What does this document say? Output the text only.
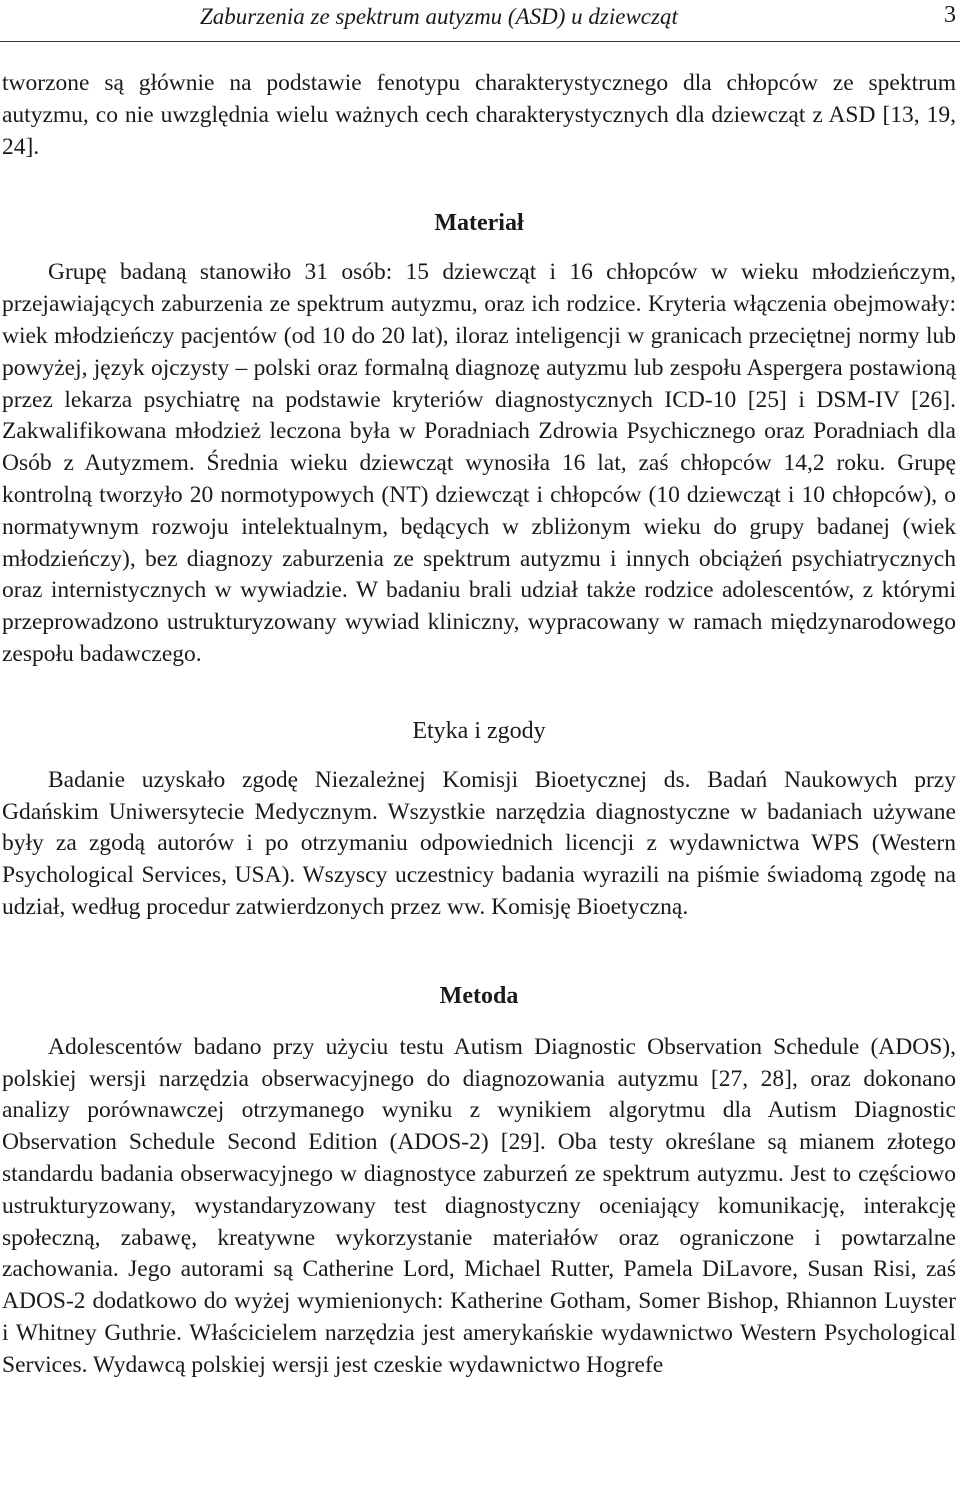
Zaburzenia ze spektrum autyzmu (ASD) u dziewcząt	3

tworzone są głównie na podstawie fenotypu charakterystycznego dla chłopców ze spektrum autyzmu, co nie uwzględnia wielu ważnych cech charakterystycznych dla dziewcząt z ASD [13, 19, 24].

Materiał

Grupę badaną stanowiło 31 osób: 15 dziewcząt i 16 chłopców w wieku młodzieńczym, przejawiających zaburzenia ze spektrum autyzmu, oraz ich rodzice. Kryteria włączenia obejmowały: wiek młodzieńczy pacjentów (od 10 do 20 lat), iloraz inteligencji w granicach przeciętnej normy lub powyżej, język ojczysty – polski oraz formalną diagnozę autyzmu lub zespołu Aspergera postawioną przez lekarza psychiatrę na podstawie kryteriów diagnostycznych ICD-10 [25] i DSM-IV [26]. Zakwalifikowana młodzież leczona była w Poradniach Zdrowia Psychicznego oraz Poradniach dla Osób z Autyzmem. Średnia wieku dziewcząt wynosiła 16 lat, zaś chłopców 14,2 roku. Grupę kontrolną tworzyło 20 normotypowych (NT) dziewcząt i chłopców (10 dziewcząt i 10 chłopców), o normatywnym rozwoju intelektualnym, będących w zbliżonym wieku do grupy badanej (wiek młodzieńczy), bez diagnozy zaburzenia ze spektrum autyzmu i innych obciążeń psychiatrycznych oraz internistycznych w wywiadzie. W badaniu brali udział także rodzice adolescentów, z którymi przeprowadzono ustrukturyzowany wywiad kliniczny, wypracowany w ramach międzynarodowego zespołu badawczego.

Etyka i zgody

Badanie uzyskało zgodę Niezależnej Komisji Bioetycznej ds. Badań Naukowych przy Gdańskim Uniwersytecie Medycznym. Wszystkie narzędzia diagnostyczne w badaniach używane były za zgodą autorów i po otrzymaniu odpowiednich licencji z wydawnictwa WPS (Western Psychological Services, USA). Wszyscy uczestnicy badania wyrazili na piśmie świadomą zgodę na udział, według procedur zatwierdzonych przez ww. Komisję Bioetyczną.

Metoda

Adolescentów badano przy użyciu testu Autism Diagnostic Observation Schedule (ADOS), polskiej wersji narzędzia obserwacyjnego do diagnozowania autyzmu [27, 28], oraz dokonano analizy porównawczej otrzymanego wyniku z wynikiem algorytmu dla Autism Diagnostic Observation Schedule Second Edition (ADOS-2) [29]. Oba testy określane są mianem złotego standardu badania obserwacyjnego w diagnostyce zaburzeń ze spektrum autyzmu. Jest to częściowo ustrukturyzowany, wystandaryzowany test diagnostyczny oceniający komunikację, interakcję społeczną, zabawę, kreatywne wykorzystanie materiałów oraz ograniczone i powtarzalne zachowania. Jego autorami są Catherine Lord, Michael Rutter, Pamela DiLavore, Susan Risi, zaś ADOS-2 dodatkowo do wyżej wymienionych: Katherine Gotham, Somer Bishop, Rhiannon Luyster i Whitney Guthrie. Właścicielem narzędzia jest amerykańskie wydawnictwo Western Psychological Services. Wydawcą polskiej wersji jest czeskie wydawnictwo Hogrefe
